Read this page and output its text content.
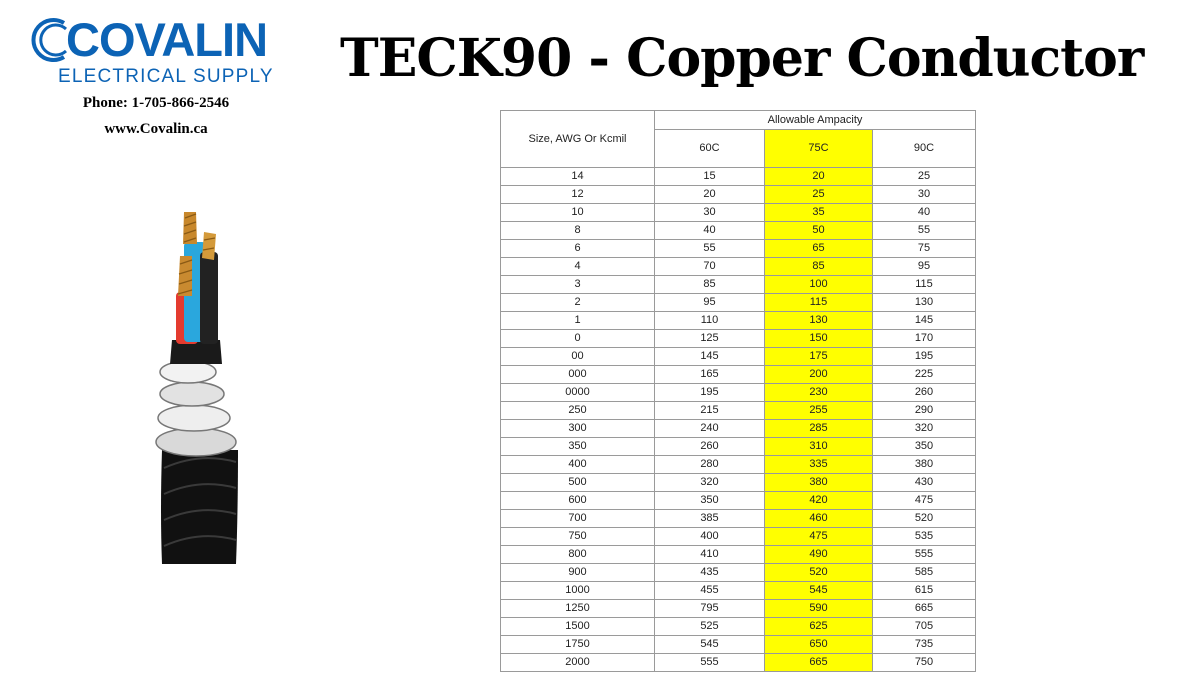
COVALIN
ELECTRICAL SUPPLY
Phone: 1-705-866-2546
www.Covalin.ca
TECK90 - Copper Conductor
Size, AWG Or Kcmil	Allowable Ampacity		
	60C	75C	90C
14	15	20	25
12	20	25	30
10	30	35	40
8	40	50	55
6	55	65	75
4	70	85	95
3	85	100	115
2	95	115	130
1	110	130	145
0	125	150	170
00	145	175	195
000	165	200	225
0000	195	230	260
250	215	255	290
300	240	285	320
350	260	310	350
400	280	335	380
500	320	380	430
600	350	420	475
700	385	460	520
750	400	475	535
800	410	490	555
900	435	520	585
1000	455	545	615
1250	795	590	665
1500	525	625	705
1750	545	650	735
2000	555	665	750
